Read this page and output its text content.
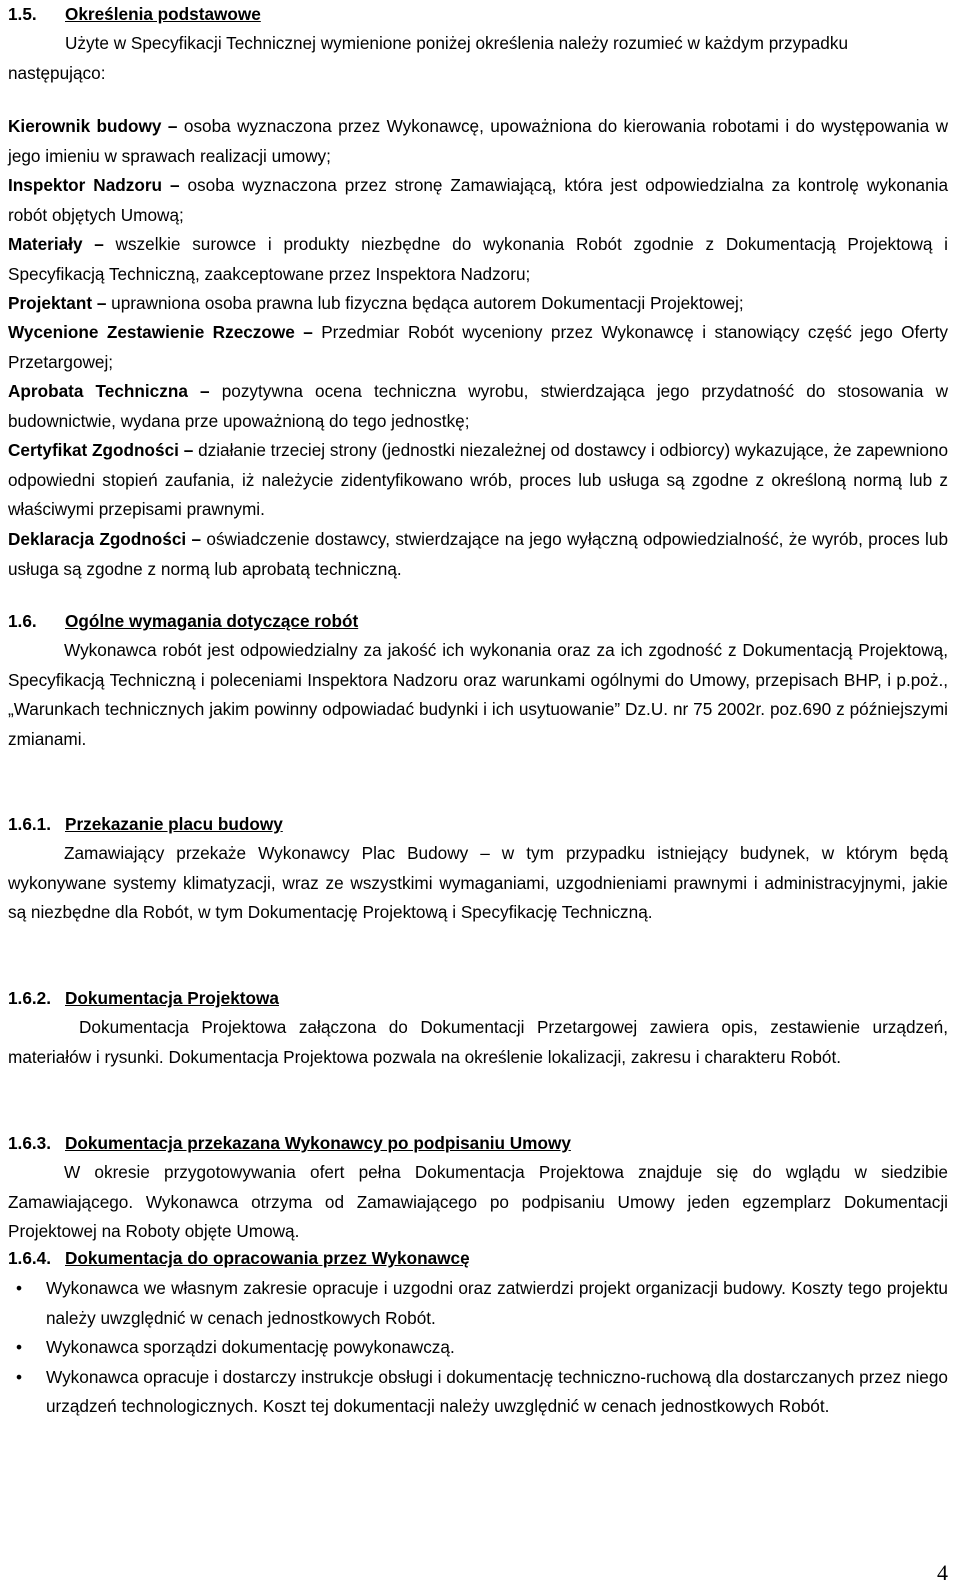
1.5. Określenia podstawowe

Użyte w Specyfikacji Technicznej wymienione poniżej określenia należy rozumieć w każdym przypadku następująco:

Kierownik budowy – osoba wyznaczona przez Wykonawcę, upoważniona do kierowania robotami i do występowania w jego imieniu w sprawach realizacji umowy;

Inspektor Nadzoru – osoba wyznaczona przez stronę Zamawiającą, która jest odpowiedzialna za kontrolę wykonania robót objętych Umową;

Materiały – wszelkie surowce i produkty niezbędne do wykonania Robót zgodnie z Dokumentacją Projektową i Specyfikacją Techniczną, zaakceptowane przez Inspektora Nadzoru;

Projektant – uprawniona osoba prawna lub fizyczna będąca autorem Dokumentacji Projektowej;

Wycenione Zestawienie Rzeczowe – Przedmiar Robót wyceniony przez Wykonawcę i stanowiący część jego Oferty Przetargowej;

Aprobata Techniczna – pozytywna ocena techniczna wyrobu, stwierdzająca jego przydatność do stosowania w budownictwie, wydana prze upoważnioną do tego jednostkę;

Certyfikat Zgodności – działanie trzeciej strony (jednostki niezależnej od dostawcy i odbiorcy) wykazujące, że zapewniono odpowiedni stopień zaufania, iż należycie zidentyfikowano wrób, proces lub usługa są zgodne z określoną normą lub z właściwymi przepisami prawnymi.

Deklaracja Zgodności – oświadczenie dostawcy, stwierdzające na jego wyłączną odpowiedzialność, że wyrób, proces lub usługa są zgodne z normą lub aprobatą techniczną.

1.6. Ogólne wymagania dotyczące robót

Wykonawca robót jest odpowiedzialny za jakość ich wykonania oraz za ich zgodność z Dokumentacją Projektową, Specyfikacją Techniczną i poleceniami Inspektora Nadzoru oraz warunkami ogólnymi do Umowy, przepisach BHP, i p.poż., „Warunkach technicznych jakim powinny odpowiadać budynki i ich usytuowanie” Dz.U. nr 75 2002r. poz.690 z późniejszymi zmianami.

1.6.1. Przekazanie placu budowy

Zamawiający przekaże Wykonawcy Plac Budowy – w tym przypadku istniejący budynek, w którym będą wykonywane systemy klimatyzacji, wraz ze wszystkimi wymaganiami, uzgodnieniami prawnymi i administracyjnymi, jakie są niezbędne dla Robót, w tym Dokumentację Projektową i Specyfikację Techniczną.

1.6.2. Dokumentacja Projektowa

Dokumentacja Projektowa załączona do Dokumentacji Przetargowej zawiera opis, zestawienie urządzeń, materiałów i rysunki. Dokumentacja Projektowa pozwala na określenie lokalizacji, zakresu i charakteru Robót.

1.6.3. Dokumentacja przekazana Wykonawcy po podpisaniu Umowy

W okresie przygotowywania ofert pełna Dokumentacja Projektowa znajduje się do wglądu w siedzibie Zamawiającego. Wykonawca otrzyma od Zamawiającego po podpisaniu Umowy jeden egzemplarz Dokumentacji Projektowej na Roboty objęte Umową.

1.6.4. Dokumentacja do opracowania przez Wykonawcę
• Wykonawca we własnym zakresie opracuje i uzgodni oraz zatwierdzi projekt organizacji budowy. Koszty tego projektu należy uwzględnić w cenach jednostkowych Robót.
• Wykonawca sporządzi dokumentację powykonawczą.
• Wykonawca opracuje i dostarczy instrukcje obsługi i dokumentację techniczno-ruchową dla dostarczanych przez niego urządzeń technologicznych. Koszt tej dokumentacji należy uwzględnić w cenach jednostkowych Robót.
4
